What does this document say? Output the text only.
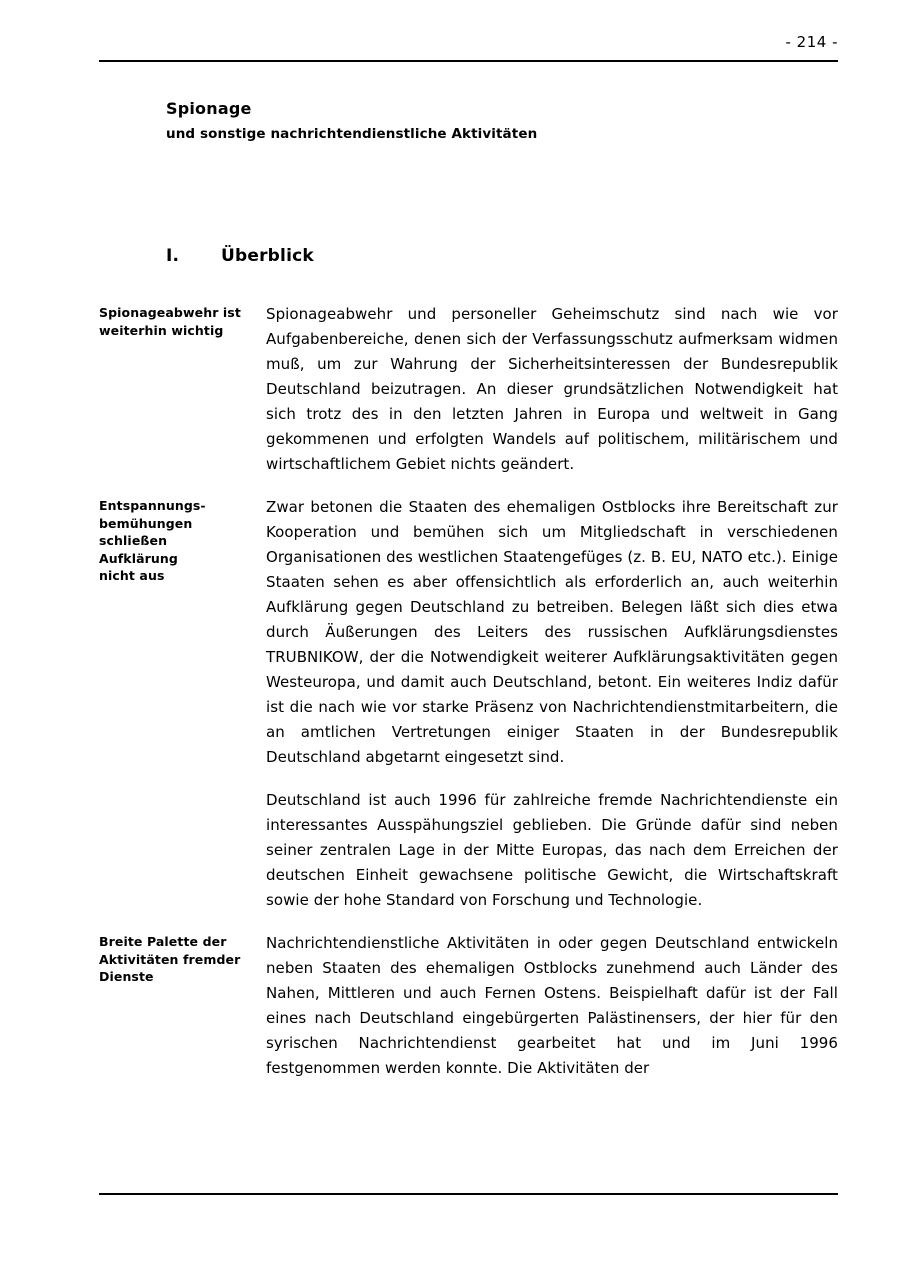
- 214 -
Spionage
und sonstige nachrichtendienstliche Aktivitäten
I.	Überblick
Spionageabwehr ist
weiterhin wichtig

Spionageabwehr und personeller Geheimschutz sind nach wie vor Aufgabenbereiche, denen sich der Verfassungsschutz aufmerksam widmen muß, um zur Wahrung der Sicherheitsinteressen der Bundesrepublik Deutschland beizutragen. An dieser grundsätzlichen Notwendigkeit hat sich trotz des in den letzten Jahren in Europa und weltweit in Gang gekommenen und erfolgten Wandels auf politischem, militärischem und wirtschaftlichem Gebiet nichts geändert.

Entspannungs-
bemühungen
schließen
Aufklärung
nicht aus

Zwar betonen die Staaten des ehemaligen Ostblocks ihre Bereitschaft zur Kooperation und bemühen sich um Mitgliedschaft in verschiedenen Organisationen des westlichen Staatengefüges (z. B. EU, NATO etc.). Einige Staaten sehen es aber offensichtlich als erforderlich an, auch weiterhin Aufklärung gegen Deutschland zu betreiben. Belegen läßt sich dies etwa durch Äußerungen des Leiters des russischen Aufklärungsdienstes TRUBNIKOW, der die Notwendigkeit weiterer Aufklärungsaktivitäten gegen Westeuropa, und damit auch Deutschland, betont. Ein weiteres Indiz dafür ist die nach wie vor starke Präsenz von Nachrichtendienstmitarbeitern, die an amtlichen Vertretungen einiger Staaten in der Bundesrepublik Deutschland abgetarnt eingesetzt sind.

Deutschland ist auch 1996 für zahlreiche fremde Nachrichtendienste ein interessantes Ausspähungsziel geblieben. Die Gründe dafür sind neben seiner zentralen Lage in der Mitte Europas, das nach dem Erreichen der deutschen Einheit gewachsene politische Gewicht, die Wirtschaftskraft sowie der hohe Standard von Forschung und Technologie.

Breite Palette der
Aktivitäten fremder
Dienste

Nachrichtendienstliche Aktivitäten in oder gegen Deutschland entwickeln neben Staaten des ehemaligen Ostblocks zunehmend auch Länder des Nahen, Mittleren und auch Fernen Ostens. Beispielhaft dafür ist der Fall eines nach Deutschland eingebürgerten Palästinensers, der hier für den syrischen Nachrichtendienst gearbeitet hat und im Juni 1996 festgenommen werden konnte. Die Aktivitäten der
